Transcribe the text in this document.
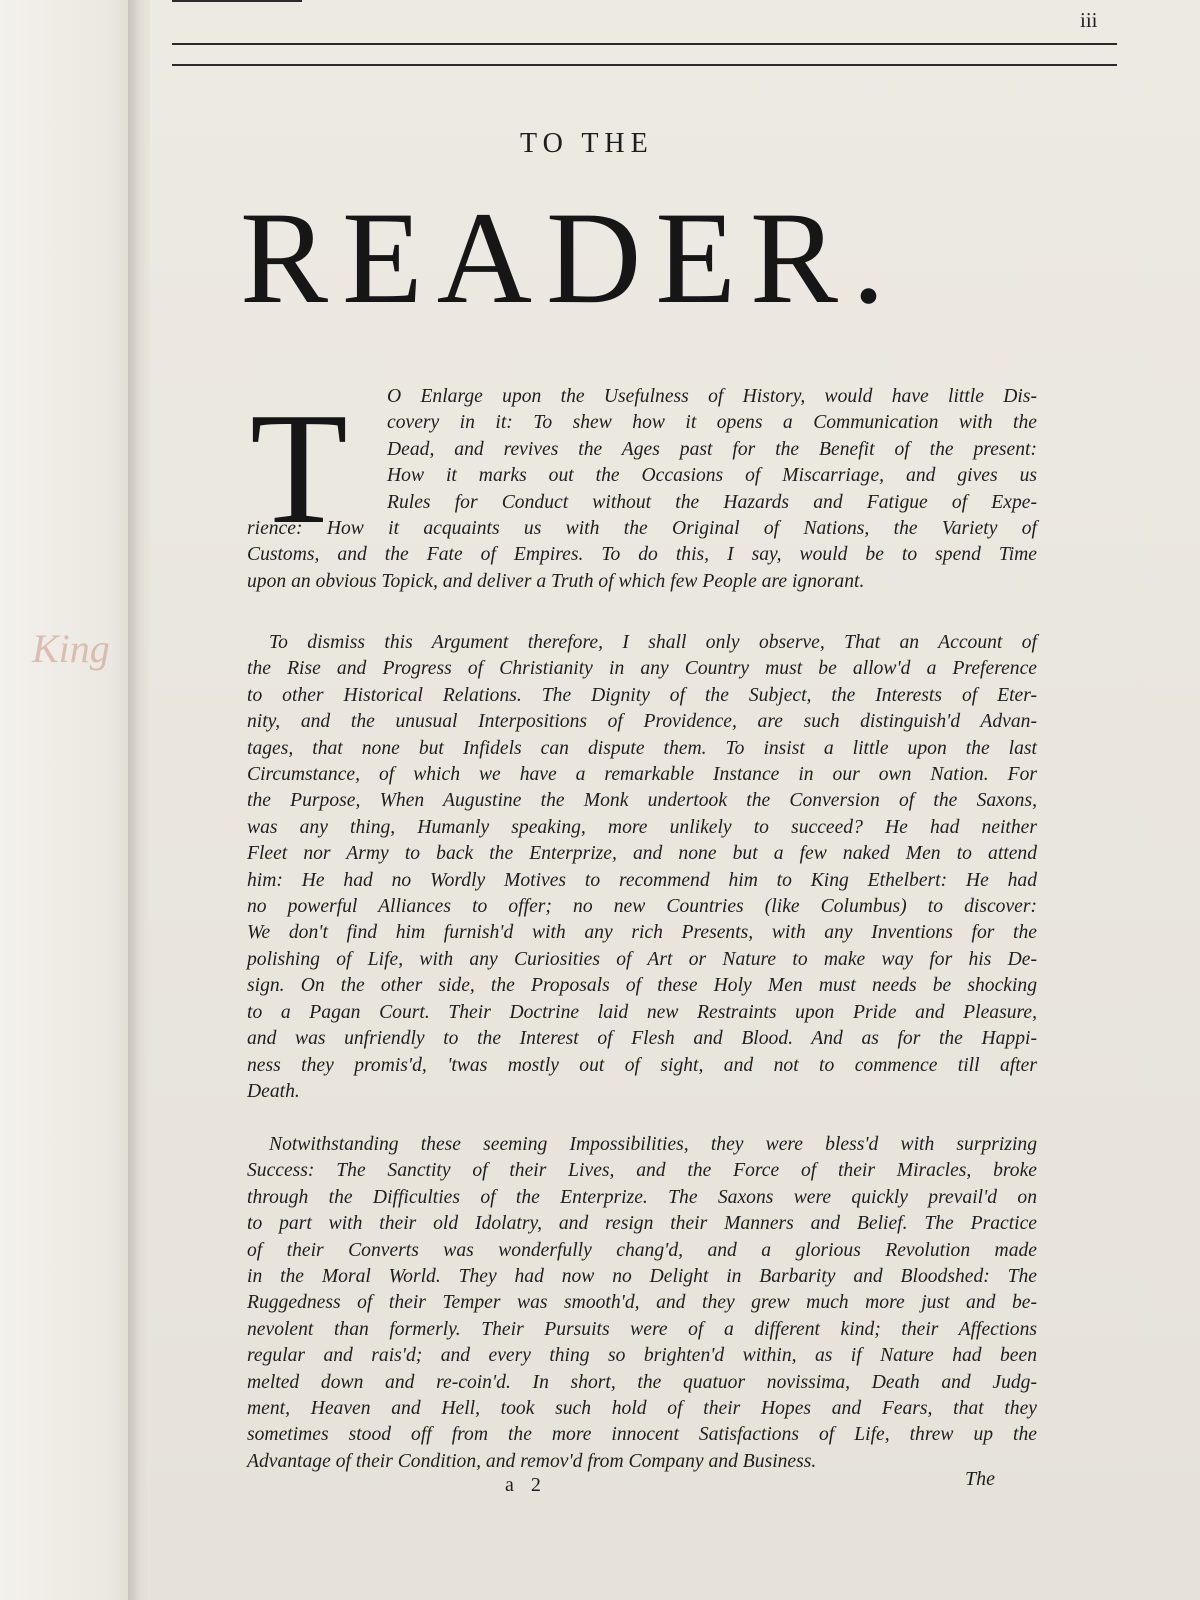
King
iii
TO THE
READER.
T	O Enlarge upon the Usefulness of History, would have little Dis-
covery in it: To shew how it opens a Communication with the
Dead, and revives the Ages past for the Benefit of the present:
How it marks out the Occasions of Miscarriage, and gives us
Rules for Conduct without the Hazards and Fatigue of Expe-
rience: How it acquaints us with the Original of Nations, the Variety of
Customs, and the Fate of Empires. To do this, I say, would be to spend Time
upon an obvious Topick, and deliver a Truth of which few People are ignorant.
To dismiss this Argument therefore, I shall only observe, That an Account of
the Rise and Progress of Christianity in any Country must be allow'd a Preference
to other Historical Relations. The Dignity of the Subject, the Interests of Eter-
nity, and the unusual Interpositions of Providence, are such distinguish'd Advan-
tages, that none but Infidels can dispute them. To insist a little upon the last
Circumstance, of which we have a remarkable Instance in our own Nation. For
the Purpose, When Augustine the Monk undertook the Conversion of the Saxons,
was any thing, Humanly speaking, more unlikely to succeed? He had neither
Fleet nor Army to back the Enterprize, and none but a few naked Men to attend
him: He had no Wordly Motives to recommend him to King Ethelbert: He had
no powerful Alliances to offer; no new Countries (like Columbus) to discover:
We don't find him furnish'd with any rich Presents, with any Inventions for the
polishing of Life, with any Curiosities of Art or Nature to make way for his De-
sign. On the other side, the Proposals of these Holy Men must needs be shocking
to a Pagan Court. Their Doctrine laid new Restraints upon Pride and Pleasure,
and was unfriendly to the Interest of Flesh and Blood. And as for the Happi-
ness they promis'd, 'twas mostly out of sight, and not to commence till after
Death.
Notwithstanding these seeming Impossibilities, they were bless'd with surprizing
Success: The Sanctity of their Lives, and the Force of their Miracles, broke
through the Difficulties of the Enterprize. The Saxons were quickly prevail'd on
to part with their old Idolatry, and resign their Manners and Belief. The Practice
of their Converts was wonderfully chang'd, and a glorious Revolution made
in the Moral World. They had now no Delight in Barbarity and Bloodshed: The
Ruggedness of their Temper was smooth'd, and they grew much more just and be-
nevolent than formerly. Their Pursuits were of a different kind; their Affections
regular and rais'd; and every thing so brighten'd within, as if Nature had been
melted down and re-coin'd. In short, the quatuor novissima, Death and Judg-
ment, Heaven and Hell, took such hold of their Hopes and Fears, that they
sometimes stood off from the more innocent Satisfactions of Life, threw up the
Advantage of their Condition, and remov'd from Company and Business.
a 2	The
